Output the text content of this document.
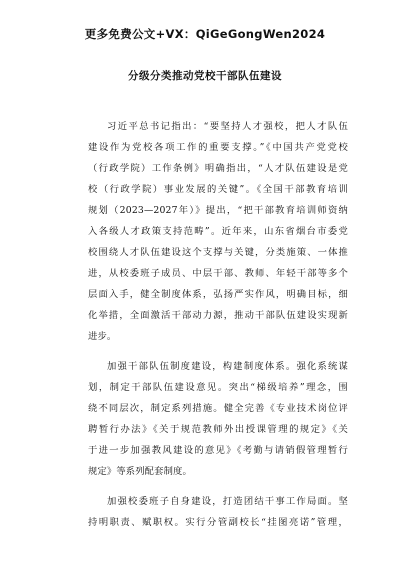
更多免费公文+VX：QiGeGongWen2024
分级分类推动党校干部队伍建设
习近平总书记指出：“要坚持人才强校，把人才队伍
建设作为党校各项工作的重要支撑。”《中国共产党党校
（行政学院）工作条例》明确指出，“人才队伍建设是党
校（行政学院）事业发展的关键”。《全国干部教育培训
规划（2023—2027年）》提出，“把干部教育培训师资纳
入各级人才政策支持范畴”。近年来，山东省烟台市委党
校围绕人才队伍建设这个支撑与关键，分类施策、一体推
进，从校委班子成员、中层干部、教师、年轻干部等多个
层面入手，健全制度体系，弘扬严实作风，明确目标，细
化举措，全面激活干部动力源，推动干部队伍建设实现新
进步。
加强干部队伍制度建设，构建制度体系。强化系统谋
划，制定干部队伍建设意见。突出“梯级培养”理念，围
绕不同层次，制定系列措施。健全完善《专业技术岗位评
聘暂行办法》《关于规范教师外出授课管理的规定》《关
于进一步加强教风建设的意见》《考勤与请销假管理暂行
规定》等系列配套制度。
加强校委班子自身建设，打造团结干事工作局面。坚
持明职责、赋职权。实行分管副校长“挂图亮诺”管理，
